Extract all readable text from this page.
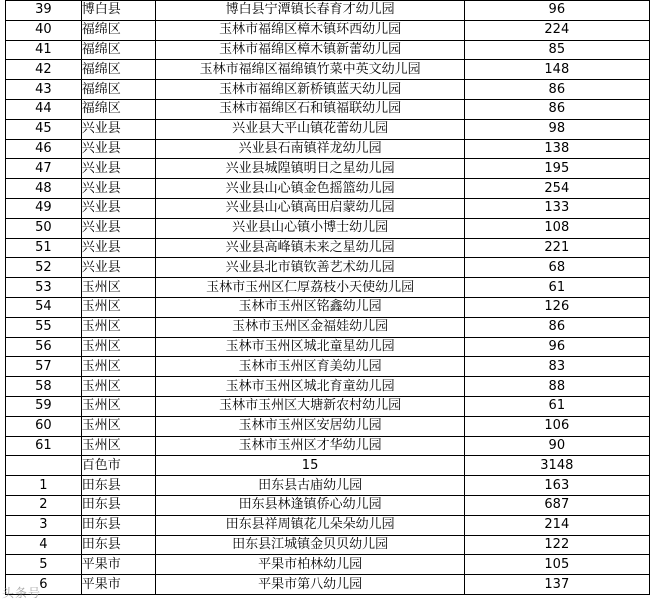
39	博白县	博白县宁潭镇长春育才幼儿园	96
40	福绵区	玉林市福绵区樟木镇环西幼儿园	224
41	福绵区	玉林市福绵区樟木镇新蕾幼儿园	85
42	福绵区	玉林市福绵区福绵镇竹菜中英文幼儿园	148
43	福绵区	玉林市福绵区新桥镇蓝天幼儿园	86
44	福绵区	玉林市福绵区石和镇福联幼儿园	86
45	兴业县	兴业县大平山镇花蕾幼儿园	98
46	兴业县	兴业县石南镇祥龙幼儿园	138
47	兴业县	兴业县城隍镇明日之星幼儿园	195
48	兴业县	兴业县山心镇金色摇篮幼儿园	254
49	兴业县	兴业县山心镇高田启蒙幼儿园	133
50	兴业县	兴业县山心镇小博士幼儿园	108
51	兴业县	兴业县高峰镇未来之星幼儿园	221
52	兴业县	兴业县北市镇钦善艺术幼儿园	68
53	玉州区	玉林市玉州区仁厚荔枝小天使幼儿园	61
54	玉州区	玉林市玉州区铭鑫幼儿园	126
55	玉州区	玉林市玉州区金福娃幼儿园	86
56	玉州区	玉林市玉州区城北童星幼儿园	96
57	玉州区	玉林市玉州区育美幼儿园	83
58	玉州区	玉林市玉州区城北育童幼儿园	88
59	玉州区	玉林市玉州区大塘新农村幼儿园	61
60	玉州区	玉林市玉州区安居幼儿园	106
61	玉州区	玉林市玉州区才华幼儿园	90
	百色市	15	3148
1	田东县	田东县古庙幼儿园	163
2	田东县	田东县林逢镇侨心幼儿园	687
3	田东县	田东县祥周镇花儿朵朵幼儿园	214
4	田东县	田东县江城镇金贝贝幼儿园	122
5	平果市	平果市柏林幼儿园	105
6	平果市	平果市第八幼儿园	137
头条号
